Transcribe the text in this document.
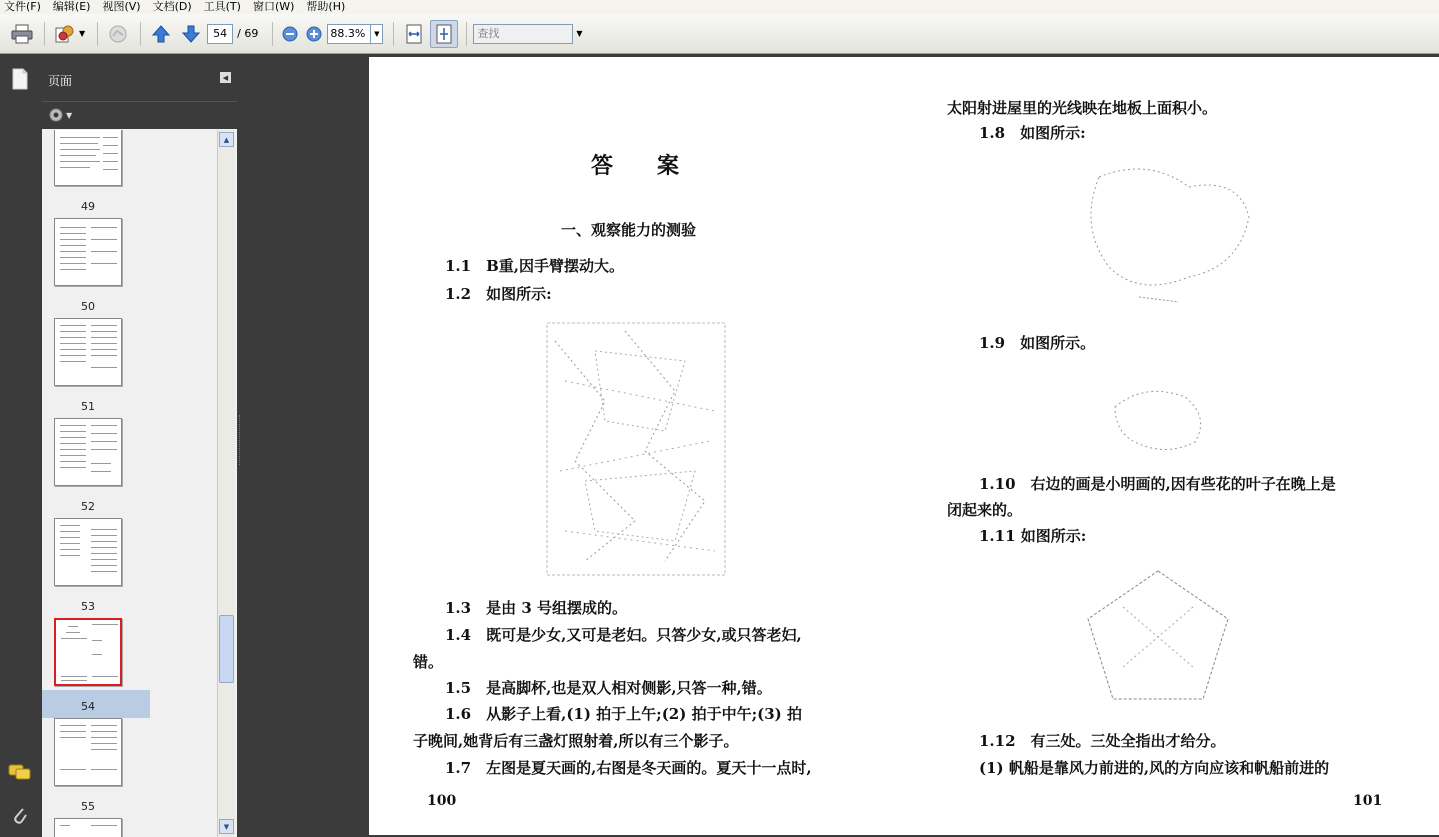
文件(F) 编辑(E) 视图(V) 文档(D) 工具(T) 窗口(W) 帮助(H)
▼
54	/ 69
88.3%	▼
查找	▼
页面	◀
▼
49
50
51
52
53
54
55
▲
▼
答案
一、观察能力的测验
1.1　B重,因手臂摆动大。
1.2　如图所示:
1.3　是由 3 号组摆成的。
1.4　既可是少女,又可是老妇。只答少女,或只答老妇,
错。
1.5　是高脚杯,也是双人相对侧影,只答一种,错。
1.6　从影子上看,(1) 拍于上午;(2) 拍于中午;(3) 拍
子晚间,她背后有三盏灯照射着,所以有三个影子。
1.7　左图是夏天画的,右图是冬天画的。夏天十一点时,
100
太阳射进屋里的光线映在地板上面积小。
1.8　如图所示:
1.9　如图所示。
1.10　右边的画是小明画的,因有些花的叶子在晚上是
闭起来的。
1.11 如图所示:
1.12　有三处。三处全指出才给分。
(1) 帆船是靠风力前进的,风的方向应该和帆船前进的
101
